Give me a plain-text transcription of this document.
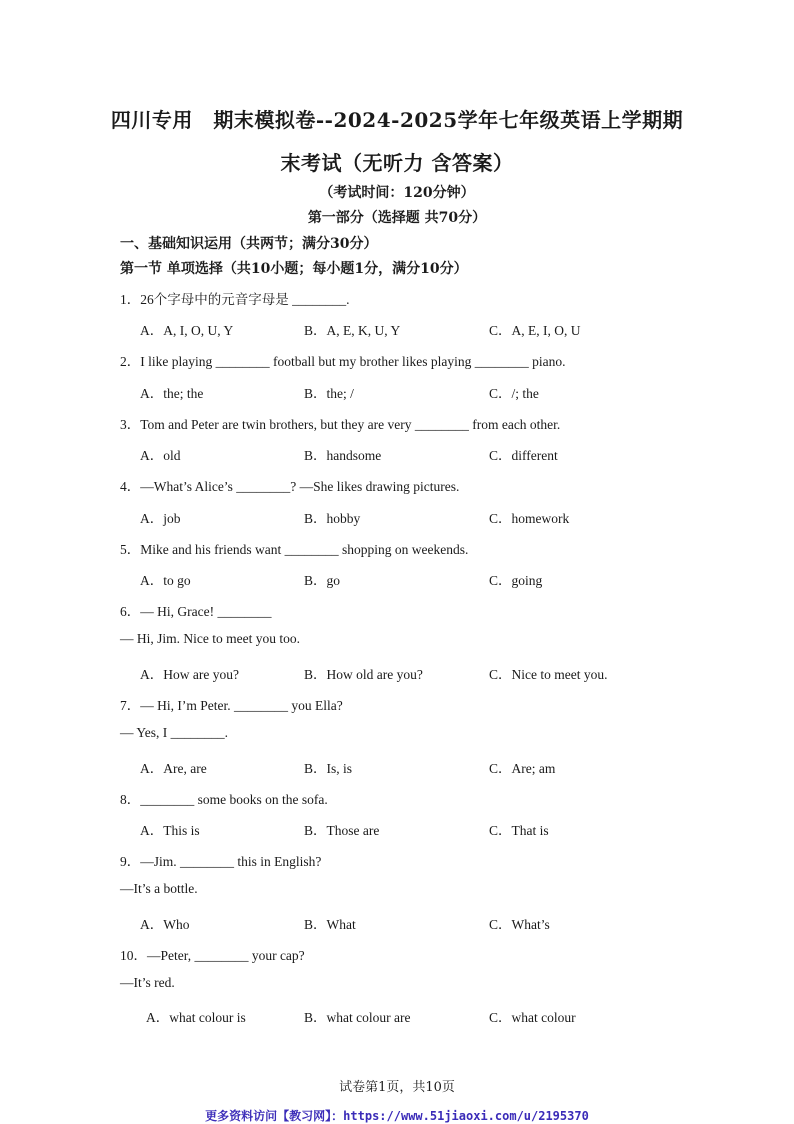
四川专用　期末模拟卷--2024-2025学年七年级英语上学期期
末考试（无听力 含答案）
（考试时间：120分钟）
第一部分（选择题 共70分）
一、基础知识运用（共两节；满分30分）
第一节 单项选择（共10小题；每小题1分，满分10分）
1．26个字母中的元音字母是 ________.
A．A, I, O, U, Y	B．A, E, K, U, Y	C．A, E, I, O, U
2．I like playing ________ football but my brother likes playing ________ piano.
A．the; the	B．the; /	C．/; the
3．Tom and Peter are twin brothers, but they are very ________ from each other.
A．old	B．handsome	C．different
4．—What’s Alice’s ________? —She likes drawing pictures.
A．job	B．hobby	C．homework
5．Mike and his friends want ________ shopping on weekends.
A．to go	B．go	C．going
6．— Hi, Grace! ________
— Hi, Jim. Nice to meet you too.
A．How are you?	B．How old are you?	C．Nice to meet you.
7．— Hi, I’m Peter. ________ you Ella?
— Yes, I ________.
A．Are, are	B．Is, is	C．Are; am
8．________ some books on the sofa.
A．This is	B．Those are	C．That is
9．—Jim. ________ this in English?
—It’s a bottle.
A．Who	B．What	C．What’s
10．—Peter, ________ your cap?
—It’s red.
A．what colour is	B．what colour are	C．what colour
试卷第1页，共10页
更多资料访问【教习网】：https://www.51jiaoxi.com/u/2195370
